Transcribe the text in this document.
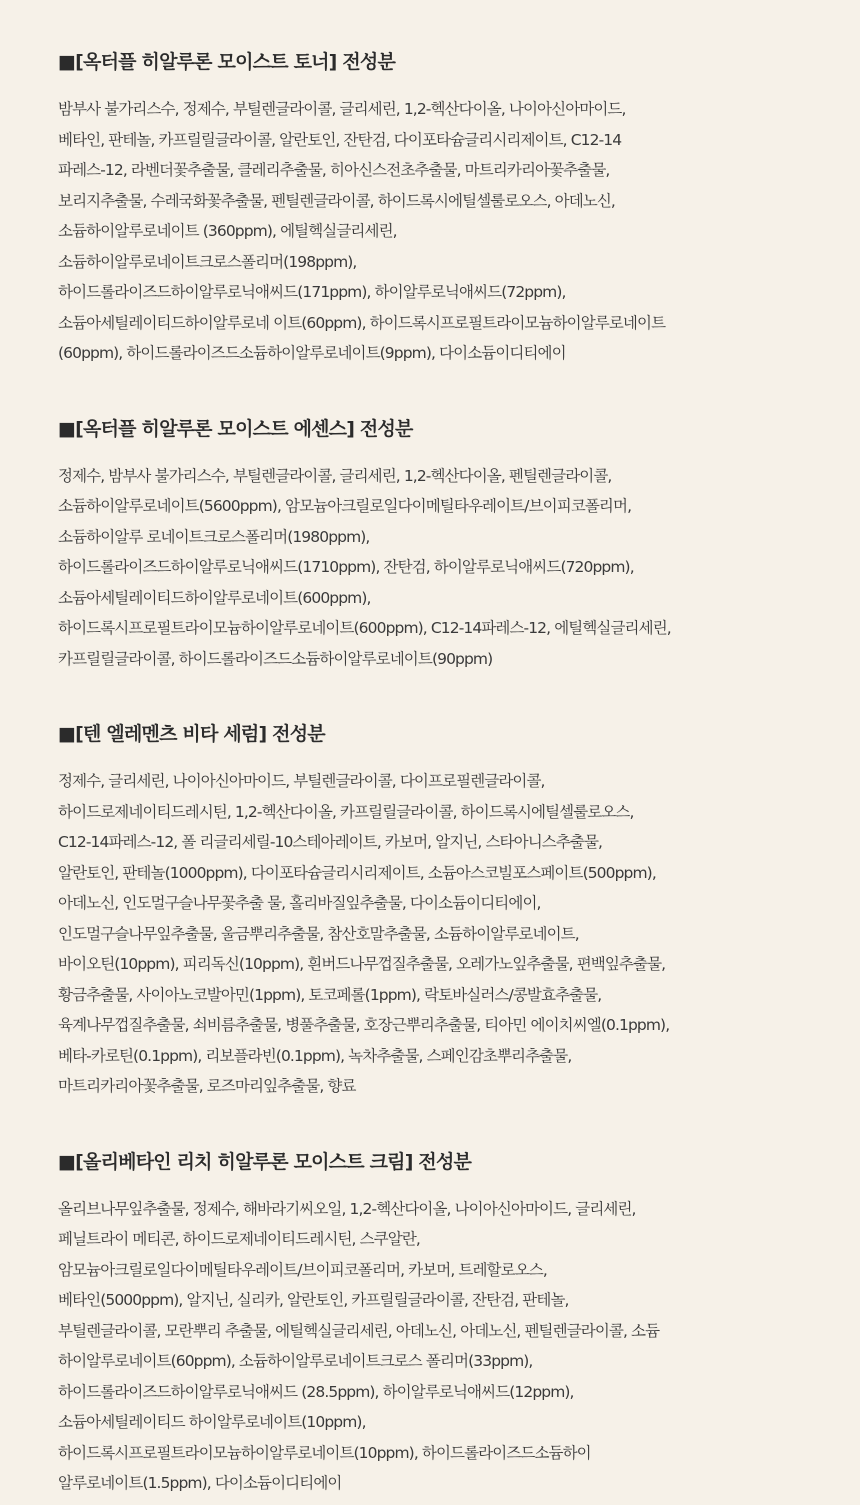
■[옥터플 히알루론 모이스트 토너] 전성분
밤부사 불가리스수, 정제수, 부틸렌글라이콜, 글리세린, 1,2-헥산다이올, 나이아신아마이드,
베타인, 판테놀, 카프릴릴글라이콜, 알란토인, 잔탄검, 다이포타슘글리시리제이트, C12-14
파레스-12, 라벤더꽃추출물, 클레리추출물, 히아신스전초추출물, 마트리카리아꽃추출물,
보리지추출물, 수레국화꽃추출물, 펜틸렌글라이콜, 하이드록시에틸셀룰로오스, 아데노신,
소듐하이알루로네이트 (360ppm), 에틸헥실글리세린,
소듐하이알루로네이트크로스폴리머(198ppm),
하이드롤라이즈드하이알루로닉애씨드(171ppm), 하이알루로닉애씨드(72ppm),
소듐아세틸레이티드하이알루로네 이트(60ppm), 하이드록시프로필트라이모늄하이알루로네이트
(60ppm), 하이드롤라이즈드소듐하이알루로네이트(9ppm), 다이소듐이디티에이
■[옥터플 히알루론 모이스트 에센스] 전성분
정제수, 밤부사 불가리스수, 부틸렌글라이콜, 글리세린, 1,2-헥산다이올, 펜틸렌글라이콜,
소듐하이알루로네이트(5600ppm), 암모늄아크릴로일다이메틸타우레이트/브이피코폴리머,
소듐하이알루 로네이트크로스폴리머(1980ppm),
하이드롤라이즈드하이알루로닉애씨드(1710ppm), 잔탄검, 하이알루로닉애씨드(720ppm),
소듐아세틸레이티드하이알루로네이트(600ppm),
하이드록시프로필트라이모늄하이알루로네이트(600ppm), C12-14파레스-12, 에틸헥실글리세린,
카프릴릴글라이콜, 하이드롤라이즈드소듐하이알루로네이트(90ppm)
■[텐 엘레멘츠 비타 세럼] 전성분
정제수, 글리세린, 나이아신아마이드, 부틸렌글라이콜, 다이프로필렌글라이콜,
하이드로제네이티드레시틴, 1,2-헥산다이올, 카프릴릴글라이콜, 하이드록시에틸셀룰로오스,
C12-14파레스-12, 폴 리글리세릴-10스테아레이트, 카보머, 알지닌, 스타아니스추출물,
알란토인, 판테놀(1000ppm), 다이포타슘글리시리제이트, 소듐아스코빌포스페이트(500ppm),
아데노신, 인도멀구슬나무꽃추출 물, 홀리바질잎추출물, 다이소듐이디티에이,
인도멀구슬나무잎추출물, 울금뿌리추출물, 참산호말추출물, 소듐하이알루로네이트,
바이오틴(10ppm), 피리독신(10ppm), 흰버드나무껍질추출물, 오레가노잎추출물, 편백잎추출물,
황금추출물, 사이아노코발아민(1ppm), 토코페롤(1ppm), 락토바실러스/콩발효추출물,
육계나무껍질추출물, 쇠비름추출물, 병풀추출물, 호장근뿌리추출물, 티아민 에이치씨엘(0.1ppm),
베타-카로틴(0.1ppm), 리보플라빈(0.1ppm), 녹차추출물, 스페인감초뿌리추출물,
마트리카리아꽃추출물, 로즈마리잎추출물, 향료
■[올리베타인 리치 히알루론 모이스트 크림] 전성분
올리브나무잎추출물, 정제수, 해바라기씨오일, 1,2-헥산다이올, 나이아신아마이드, 글리세린,
페닐트라이 메티콘, 하이드로제네이티드레시틴, 스쿠알란,
암모늄아크릴로일다이메틸타우레이트/브이피코폴리머, 카보머, 트레할로오스,
베타인(5000ppm), 알지닌, 실리카, 알란토인, 카프릴릴글라이콜, 잔탄검, 판테놀,
부틸렌글라이콜, 모란뿌리 추출물, 에틸헥실글리세린, 아데노신, 아데노신, 펜틸렌글라이콜, 소듐
하이알루로네이트(60ppm), 소듐하이알루로네이트크로스 폴리머(33ppm),
하이드롤라이즈드하이알루로닉애씨드 (28.5ppm), 하이알루로닉애씨드(12ppm),
소듐아세틸레이티드 하이알루로네이트(10ppm),
하이드록시프로필트라이모늄하이알루로네이트(10ppm), 하이드롤라이즈드소듐하이
알루로네이트(1.5ppm), 다이소듐이디티에이
